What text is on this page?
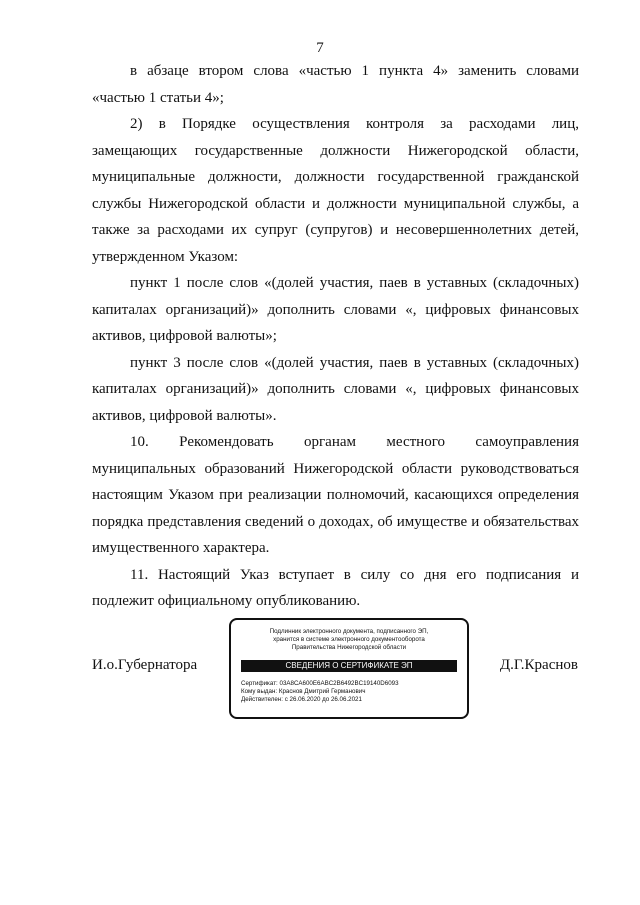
7

в абзаце втором слова «частью 1 пункта 4» заменить словами «частью 1 статьи 4»;

2) в Порядке осуществления контроля за расходами лиц, замещающих государственные должности Нижегородской области, муниципальные должности, должности государственной гражданской службы Нижегородской области и должности муниципальной службы, а также за расходами их супруг (супругов) и несовершеннолетних детей, утвержденном Указом:

пункт 1 после слов «(долей участия, паев в уставных (складочных) капиталах организаций)» дополнить словами «, цифровых финансовых активов, цифровой валюты»;

пункт 3 после слов «(долей участия, паев в уставных (складочных) капиталах организаций)» дополнить словами «, цифровых финансовых активов, цифровой валюты».

10. Рекомендовать органам местного самоуправления муниципальных образований Нижегородской области руководствоваться настоящим Указом при реализации полномочий, касающихся определения порядка представления сведений о доходах, об имуществе и обязательствах имущественного характера.

11. Настоящий Указ вступает в силу со дня его подписания и подлежит официальному опубликованию.

И.о.Губернатора
Подлинник электронного документа, подписанного ЭП,
хранится в системе электронного документооборота
Правительства Нижегородской области
СВЕДЕНИЯ О СЕРТИФИКАТЕ ЭП
Сертификат: 03A8CA600E6ABC2B6492BC19140D6093
Кому выдан: Краснов Дмитрий Германович
Действителен: с 26.06.2020 до 26.06.2021
Д.Г.Краснов
